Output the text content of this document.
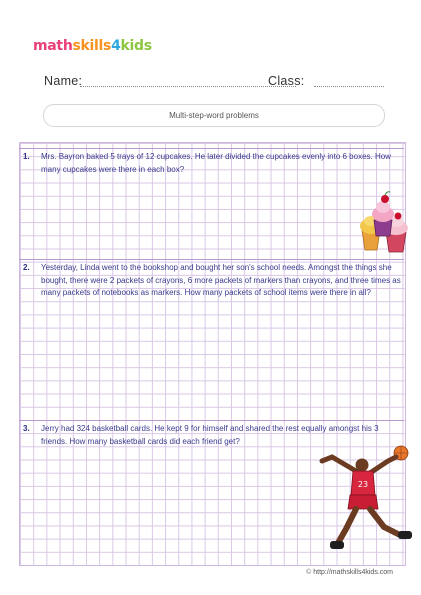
mathskills4kids
Name:	Class:
Multi-step-word problems
1. Mrs. Bayron baked 5 trays of 12 cupcakes. He later divided the cupcakes evenly into 6 boxes. How many cupcakes were there in each box?
2. Yesterday, Linda went to the bookshop and bought her son's school needs. Amongst the things she bought, there were 2 packets of crayons, 6 more packets of markers than crayons, and three times as many packets of notebooks as markers. How many packets of school items were there in all?
3. Jerry had 324 basketball cards. He kept 9 for himself and shared the rest equally amongst his 3 friends. How many basketball cards did each friend get?
23
© http://mathskills4kids.com
